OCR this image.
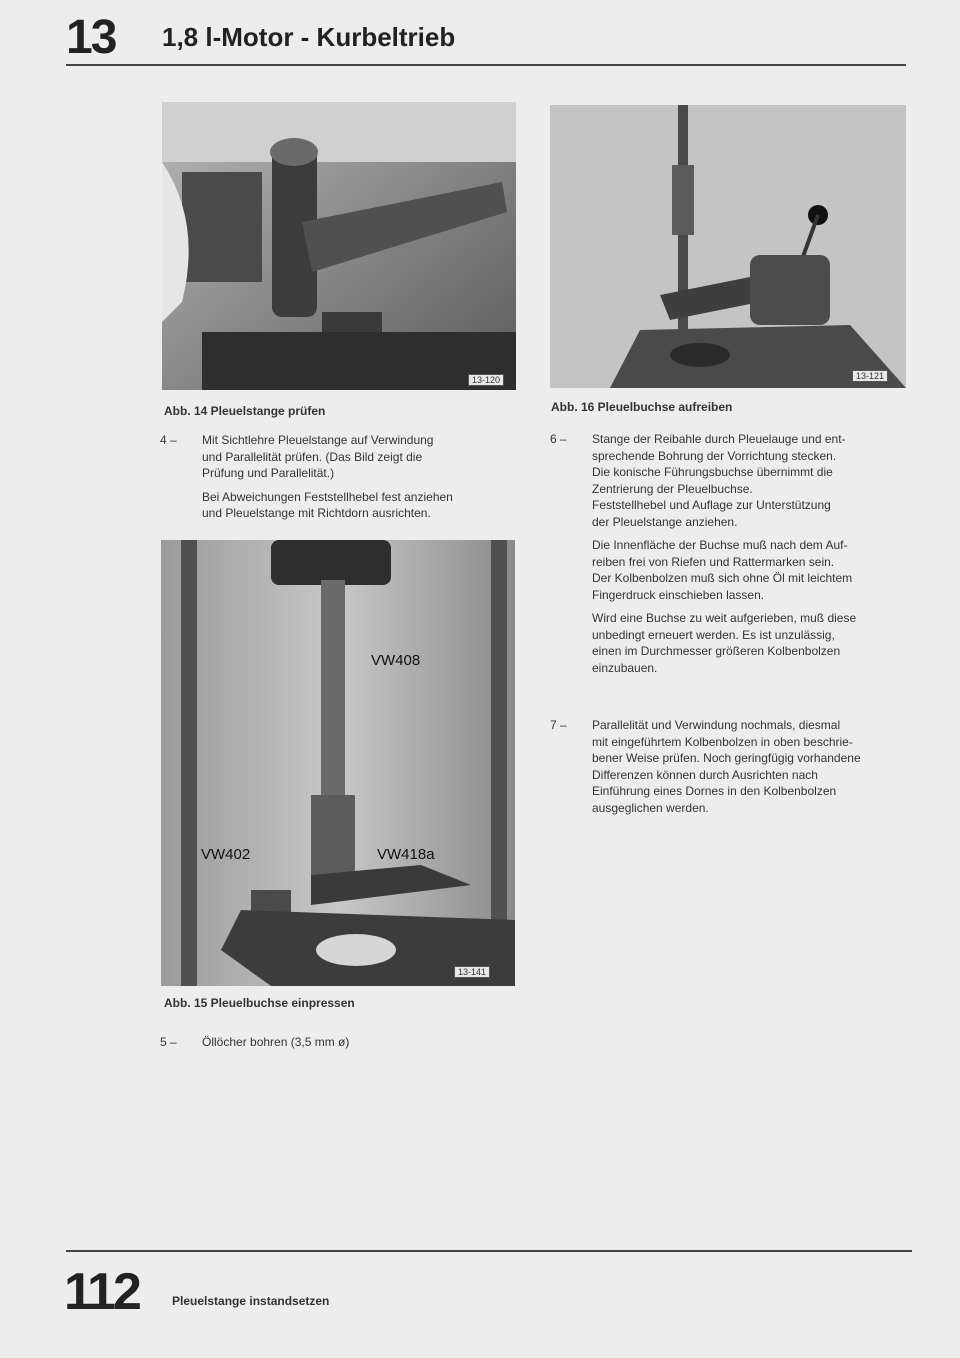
13 1,8 l-Motor - Kurbeltrieb
13-120
Abb. 14 Pleuelstange prüfen
13-121
Abb. 16 Pleuelbuchse aufreiben
4 – Mit Sichtlehre Pleuelstange auf Verwindung
und Parallelität prüfen. (Das Bild zeigt die
Prüfung und Parallelität.)

Bei Abweichungen Feststellhebel fest anziehen
und Pleuelstange mit Richtdorn ausrichten.

VW408
VW402	VW418a
13-141
Abb. 15 Pleuelbuchse einpressen
5 – Öllöcher bohren (3,5 mm ø)
6 – Stange der Reibahle durch Pleuelauge und ent-
sprechende Bohrung der Vorrichtung stecken.
Die konische Führungsbuchse übernimmt die
Zentrierung der Pleuelbuchse.
Feststellhebel und Auflage zur Unterstützung
der Pleuelstange anziehen.

Die Innenfläche der Buchse muß nach dem Auf-
reiben frei von Riefen und Rattermarken sein.
Der Kolbenbolzen muß sich ohne Öl mit leichtem
Fingerdruck einschieben lassen.

Wird eine Buchse zu weit aufgerieben, muß diese
unbedingt erneuert werden. Es ist unzulässig,
einen im Durchmesser größeren Kolbenbolzen
einzubauen.

7 – Parallelität und Verwindung nochmals, diesmal
mit eingeführtem Kolbenbolzen in oben beschrie-
bener Weise prüfen. Noch geringfügig vorhandene
Differenzen können durch Ausrichten nach
Einführung eines Dornes in den Kolbenbolzen
ausgeglichen werden.
112	Pleuelstange instandsetzen
